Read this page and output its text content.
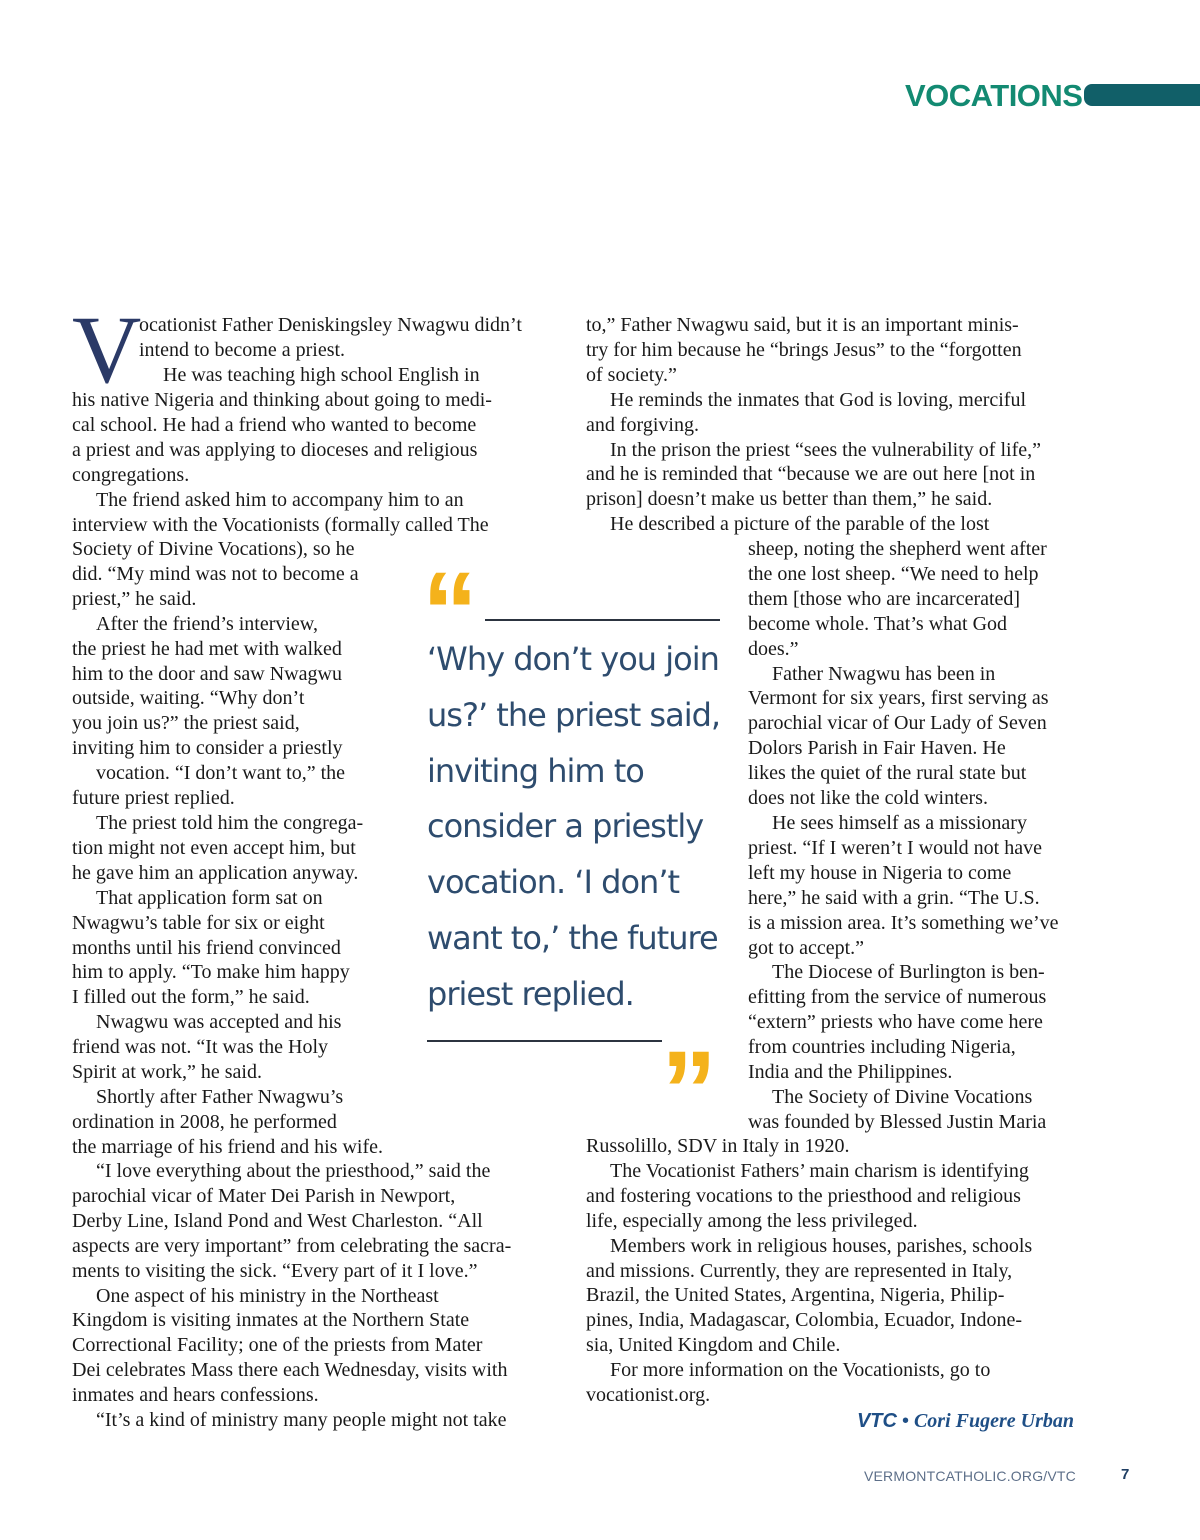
VOCATIONS
V

ocationist Father Deniskingsley Nwagwu didn’t

intend to become a priest.

He was teaching high school English in

his native Nigeria and thinking about going to medi-

cal school. He had a friend who wanted to become

a priest and was applying to dioceses and religious

congregations.

The friend asked him to accompany him to an

interview with the Vocationists (formally called The

Society of Divine Vocations), so he

did. “My mind was not to become a

priest,” he said.

After the friend’s interview,

the priest he had met with walked

him to the door and saw Nwagwu

outside, waiting. “Why don’t

you join us?” the priest said,

inviting him to consider a priestly

vocation. “I don’t want to,” the

future priest replied.

The priest told him the congrega-

tion might not even accept him, but

he gave him an application anyway.

That application form sat on

Nwagwu’s table for six or eight

months until his friend convinced

him to apply. “To make him happy

I filled out the form,” he said.

Nwagwu was accepted and his

friend was not. “It was the Holy

Spirit at work,” he said.

Shortly after Father Nwagwu’s

ordination in 2008, he performed

the marriage of his friend and his wife.

“I love everything about the priesthood,” said the

parochial vicar of Mater Dei Parish in Newport,

Derby Line, Island Pond and West Charleston. “All

aspects are very important” from celebrating the sacra-

ments to visiting the sick. “Every part of it I love.”

One aspect of his ministry in the Northeast

Kingdom is visiting inmates at the Northern State

Correctional Facility; one of the priests from Mater

Dei celebrates Mass there each Wednesday, visits with

inmates and hears confessions.

“It’s a kind of ministry many people might not take

to,” Father Nwagwu said, but it is an important minis-

try for him because he “brings Jesus” to the “forgotten

of society.”

He reminds the inmates that God is loving, merciful

and forgiving.

In the prison the priest “sees the vulnerability of life,”

and he is reminded that “because we are out here [not in

prison] doesn’t make us better than them,” he said.

He described a picture of the parable of the lost

sheep, noting the shepherd went after

the one lost sheep. “We need to help

them [those who are incarcerated]

become whole. That’s what God

does.”

Father Nwagwu has been in

Vermont for six years, first serving as

parochial vicar of Our Lady of Seven

Dolors Parish in Fair Haven. He

likes the quiet of the rural state but

does not like the cold winters.

He sees himself as a missionary

priest. “If I weren’t I would not have

left my house in Nigeria to come

here,” he said with a grin. “The U.S.

is a mission area. It’s something we’ve

got to accept.”

The Diocese of Burlington is ben-

efitting from the service of numerous

“extern” priests who have come here

from countries including Nigeria,

India and the Philippines.

The Society of Divine Vocations

was founded by Blessed Justin Maria

Russolillo, SDV in Italy in 1920.

The Vocationist Fathers’ main charism is identifying

and fostering vocations to the priesthood and religious

life, especially among the less privileged.

Members work in religious houses, parishes, schools

and missions. Currently, they are represented in Italy,

Brazil, the United States, Argentina, Nigeria, Philip-

pines, India, Madagascar, Colombia, Ecuador, Indone-

sia, United Kingdom and Chile.

For more information on the Vocationists, go to

vocationist.org.

“

‘Why don’t you join us?’ the priest said, inviting him to consider a priestly vocation. ‘I don’t want to,’ the future priest replied.

”
VTC • Cori Fugere Urban
VERMONTCATHOLIC.ORG/VTC	7
